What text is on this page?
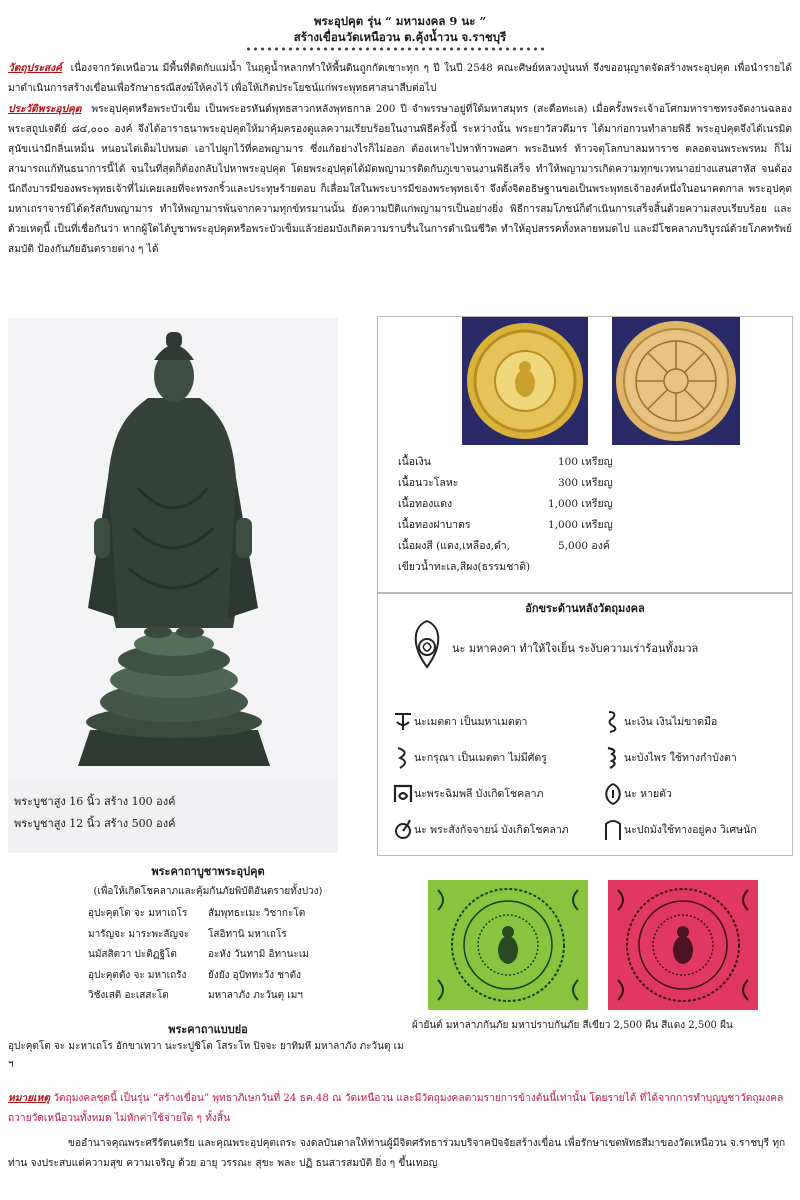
พระอุปคุต รุ่น “ มหามงคล 9 นะ ”
สร้างเขื่อนวัดเหนือวน ต.คุ้งน้ำวน จ.ราชบุรี
วัตถุประสงค์ เนื่องจากวัดเหนือวน มีพื้นที่ติดกับแม่น้ำ ในฤดูน้ำหลากทำให้พื้นดินถูกกัดเซาะทุก ๆ ปี ในปี 2548 คณะศิษย์หลวงปู่นนท์ จึงขออนุญาตจัดสร้างพระอุปคุต เพื่อนำรายได้มาดำเนินการสร้างเขื่อนเพื่อรักษาธรณีสงฆ์ให้คงไว้ เพื่อให้เกิดประโยชน์แก่พระพุทธศาสนาสืบต่อไป
ประวัติพระอุปคุต พระอุปคุตหรือพระบัวเข็ม เป็นพระอรหันต์พุทธสาวกหลังพุทธกาล 200 ปี จำพรรษาอยู่ที่ใต้มหาสมุทร (สะดือทะเล) เมื่อครั้งพระเจ้าอโศกมหาราชทรงจัดงานฉลองพระสถูปเจดีย์ ๘๔,๐๐๐ องค์ จึงได้อาราธนาพระอุปคุตให้มาคุ้มครองดูแลความเรียบร้อยในงานพิธีครั้งนี้ ระหว่างนั้น พระยาวัสวดีมาร ได้มาก่อกวนทำลายพิธี พระอุปคุตจึงได้เนรมิตสุนัขเน่ามีกลิ่นเหม็น หนอนไต่เต็มไปหมด เอาไปผูกไว้ที่คอพญามาร ซึ่งแก้อย่างไรก็ไม่ออก ต้องเหาะไปหาท้าวพอศา พระอินทร์ ท้าวจตุโลกบาลมหาราช ตลอดจนพระพรหม ก็ไม่สามารถแก้ทันธนาการนี้ได้ จนในที่สุดก็ต้องกลับไปหาพระอุปคุต โดยพระอุปคุตได้มัดพญามารติดกับภูเขาจนงานพิธีเสร็จ ทำให้พญามารเกิดความทุกขเวทนาอย่างแสนสาหัส จนต้องนึกถึงบารมีของพระพุทธเจ้าที่ไม่เคยเลยที่จะทรงกริ้วและประทุษร้ายตอบ ก็เลื่อมใสในพระบารมีของพระพุทธเจ้า จึงตั้งจิตอธิษฐานขอเป็นพระพุทธเจ้าองค์หนึ่งในอนาคตกาล พระอุปคุตมหาเถราจารย์ได้ตรัสกับพญามาร ทำให้พญามารพ้นจากความทุกข์ทรมานนั้น ยังความปีติแก่พญามารเป็นอย่างยิ่ง พิธีการสมโภชน์ก็ดำเนินการเสร็จสิ้นด้วยความสงบเรียบร้อย และด้วยเหตุนี้ เป็นที่เชื่อกันว่า หากผู้ใดได้บูชาพระอุปคุตหรือพระบัวเข็มแล้วย่อมบังเกิดความราบรื่นในการดำเนินชีวิต ทำให้อุปสรรคทั้งหลายหมดไป และมีโชคลาภบริบูรณ์ด้วยโภคทรัพย์สมบัติ ป้องกันภัยอันตรายต่าง ๆ ได้
พระบูชาสูง 16 นิ้ว สร้าง 100 องค์
พระบูชาสูง 12 นิ้ว สร้าง 500 องค์
เนื้อเงิน	100 เหรียญ
เนื้อนวะโลหะ	300 เหรียญ
เนื้อทองแดง	1,000 เหรียญ
เนื้อทองฝาบาตร	1,000 เหรียญ
เนื้อผงสี (แดง,เหลือง,ดำ,	5,000 องค์
เขียวน้ำทะเล,สีผง(ธรรมชาติ)
อักขระด้านหลังวัตถุมงคล
นะ มหาคงคา ทำให้ใจเย็น ระงับความเร่าร้อนทั้งมวล
นะเมตตา เป็นมหาเมตตา
นะกรุณา เป็นเมตตา ไม่มีศัตรู
นะพระฉิมพลี บังเกิดโชคลาภ
นะ พระสังกัจจายน์ บังเกิดโชคลาภ
นะเงิน เงินไม่ขาดมือ
นะบังไพร ใช้ทางกำบังตา
นะ หายตัว
นะปถมังใช้ทางอยู่คง วิเศษนัก
พระคาถาบูชาพระอุปคุต
(เพื่อให้เกิดโชคลาภและคุ้มกันภัยพิบัติอันตรายทั้งปวง)
อุปะคุตโต จะ มหาเถโร สัมพุทธะเมะ วิชากะโต
มารัญจะ มาระพะลัญจะ โสอิทานิ มหาเถโร
นมัสสิตวา ปะติฏฐิโต	อะหัง วันทามิ อิทานะเม
อุปะคุตตัง จะ มหาเถรัง ยังยัง อุปัททะวัง ชาตัง
วิชังเสติ อะเสสะโต	มหาลาภัง ภะวันตุ เมฯ
พระคาถาแบบย่อ
อุปะคุตโต จะ มะหาเถโร อักขาเทวา นะระปูชิโต โสระโห ปิจจะ ยาทิมหึ มหาลาภัง ภะวันตุ เม ฯ
ผ้ายันต์ มหาลาภกันภัย มหาปราบกันภัย สีเขียว 2,500 ผืน สีแดง 2,500 ผืน
หมายเหตุ วัตถุมงคลชุดนี้ เป็นรุ่น “สร้างเขื่อน” พุทธาภิเษกวันที่ 24 ธค.48 ณ วัดเหนือวน และมีวัตถุมงคลตามรายการข้างต้นนี้เท่านั้น โดยรายได้ ที่ได้จากการทำบุญบูชาวัตถุมงคลถวายวัดเหนือวนทั้งหมด ไม่หักค่าใช้จ่ายใด ๆ ทั้งสิ้น
ขออำนาจคุณพระศรีรัตนตรัย และคุณพระอุปคุตเถระ จงดลบันดาลให้ท่านผู้มีจิตศรัทธาร่วมบริจาคปัจจัยสร้างเขื่อน เพื่อรักษาเขตพัทธสีมาของวัดเหนือวน จ.ราชบุรี ทุกท่าน จงประสบแต่ความสุข ความเจริญ ด้วย อายุ วรรณะ สุขะ พละ ปฏิ ธนสารสมบัติ ยิ่ง ๆ ขึ้นเทอญ
